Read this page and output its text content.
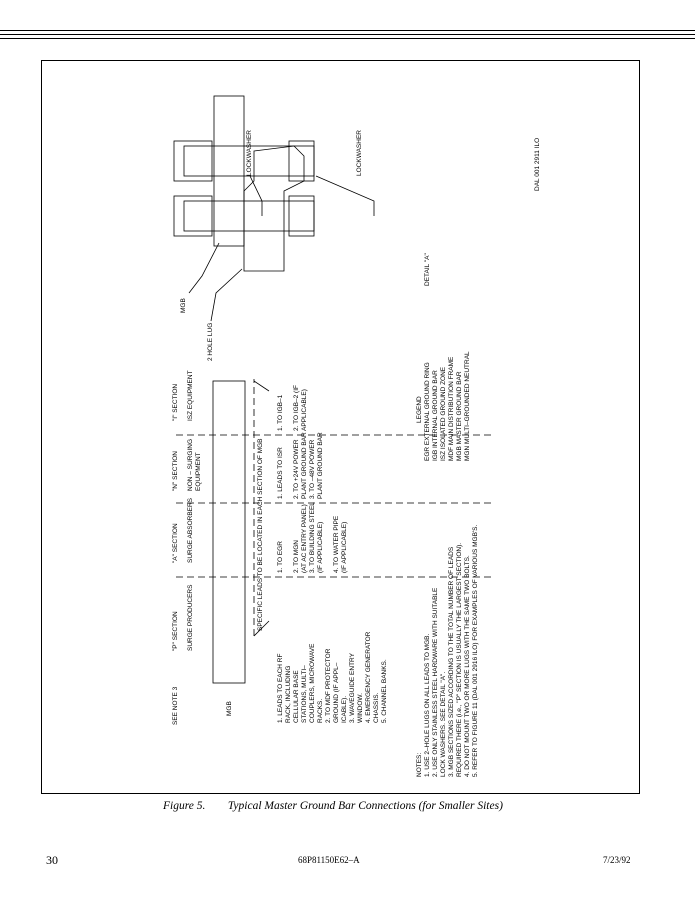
SEE NOTE 3	MGB
"P" SECTION SURGE PRODUCERS
"A" SECTION SURGE ABSORBERS
"N" SECTION NON – SURGING EQUIPMENT
"I" SECTION ISZ EQUIPMENT
SPECIFIC LEADS TO BE LOCATED IN EACH SECTION OF MGB
1. LEADS TO EACH RF RACK, INCLUDING CELLULAR BASE STATIONS, MULTI– COUPLERS, MICROWAVE RACKS. 2. TO MDF PROTECTOR GROUND (IF APPL– ICABLE). 3. WAVEGUIDE ENTRY WINDOW. 4. EMERGENCY GENERATOR CHASSIS. 5. CHANNEL BANKS.
1. TO EGR 2. TO MGN (AT AC ENTRY PANEL) 3. TO BUILDING STEEL (IF APPLICABLE) 4. TO WATER PIPE (IF APPLICABLE)
1. LEADS TO ISR 2. TO +24V POWER PLANT GROUND BAR 3. TO –48V POWER PLANT GROUND BAR
1. TO IGB–1 2. TO IGB–2 (IF APPLICABLE)
NOTES: 1. USE 2–HOLE LUGS ON ALL LEADS TO MGB. 2. USE ONLY STAINLESS STEEL HARDWARE WITH SUITABLE LOCK WASHERS. SEE DETAIL "A". 3. MGB SECTIONS SIZED ACCORDING TO THE TOTAL NUMBER OF LEADS REQUIRED THERE (i.e., "P" SECTION IS USUALLY THE LARGEST SECTION). 4. DO NOT MOUNT TWO OR MORE LUGS WITH THE SAME TWO BOLTS. 5. REFER TO FIGURE 11 (DAL 001 2916 ILO) FOR EXAMPLES OF VARIOUS MGB'S.
LEGEND EGR EXTERNAL GROUND RING IGB INTERNAL GROUND BAR ISZ ISOLATED GROUND ZONE MDF MAIN DISTRIBUTION FRAME MGB MASTER GROUND BAR MGN MULTI–GROUNDED NEUTRAL
MGB
2 HOLE LUG
LOCKWASHER	LOCKWASHER
DETAIL "A"
DAL 001 2911 ILO
Figure 5. Typical Master Ground Bar Connections (for Smaller Sites)
30	68P81150E62–A	7/23/92
